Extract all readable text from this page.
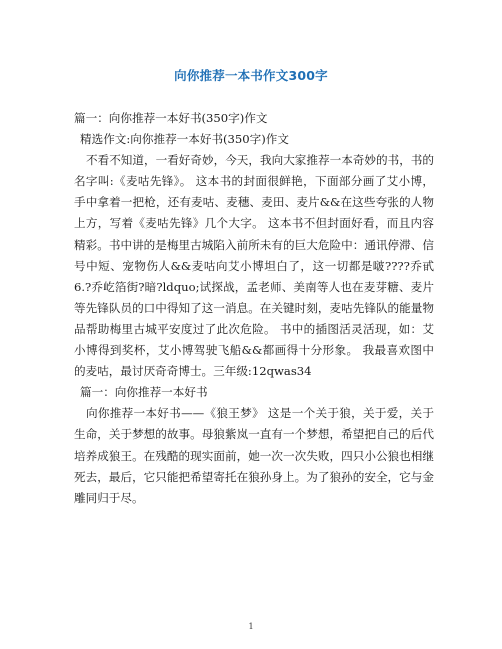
向你推荐一本书作文300字

篇一：向你推荐一本好书(350字)作文

精选作文:向你推荐一本好书(350字)作文

不看不知道，一看好奇妙，今天，我向大家推荐一本奇妙的书，书的名字叫:《麦咕先锋》。 这本书的封面很鲜艳，下面部分画了艾小博，手中拿着一把枪，还有麦咕、麦穗、麦田、麦片&&在这些夸张的人物上方，写着《麦咕先锋》几个大字。 这本书不但封面好看，而且内容精彩。书中讲的是梅里古城陷入前所未有的巨大危险中：通讯停滞、信号中短、宠物伤人&&麦咕向艾小博坦白了，这一切都是啵????乔甙 6.?乔屹箔街?暗?ldquo;试探战，孟老师、美南等人也在麦芽糖、麦片等先锋队员的口中得知了这一消息。在关键时刻，麦咕先锋队的能量物品帮助梅里古城平安度过了此次危险。 书中的插图活灵活现，如：艾小博得到奖杯，艾小博驾驶飞船&&都画得十分形象。 我最喜欢图中的麦咕，最讨厌奇奇博士。三年级:12qwas34

篇一：向你推荐一本好书

向你推荐一本好书——《狼王梦》 这是一个关于狼，关于爱，关于生命，关于梦想的故事。母狼紫岚一直有一个梦想，希望把自己的后代培养成狼王。在残酷的现实面前，她一次一次失败，四只小公狼也相继死去，最后，它只能把希望寄托在狼孙身上。为了狼孙的安全，它与金雕同归于尽。

1
